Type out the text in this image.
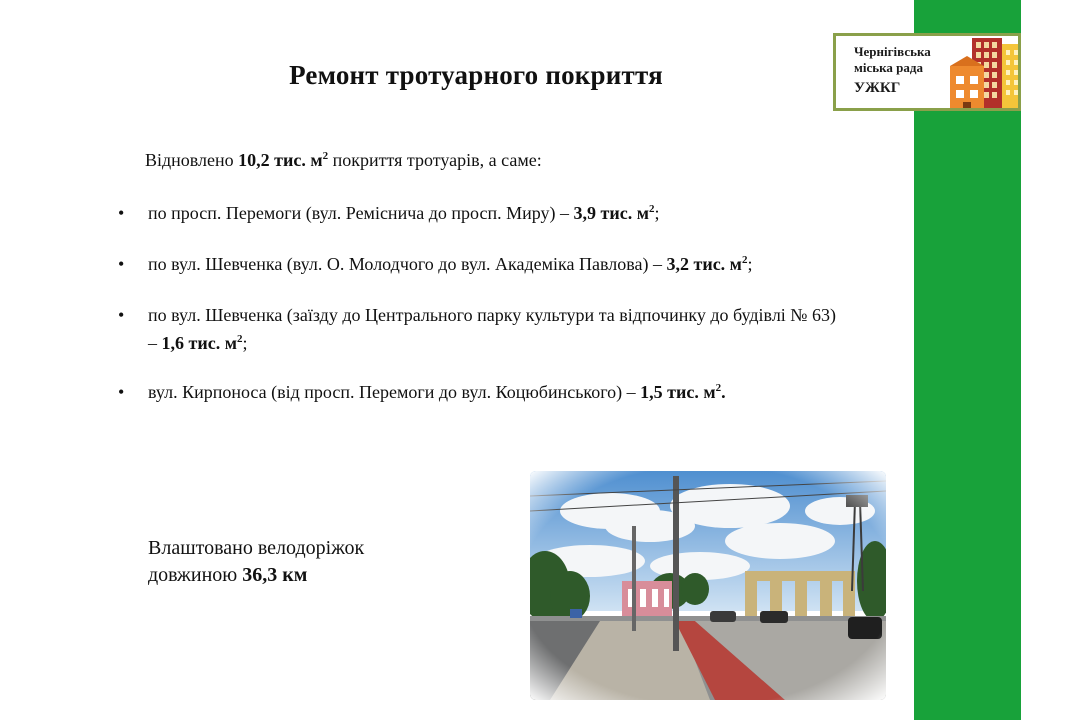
Чернігівська
міська рада
УЖКГ
Ремонт тротуарного покриття
Відновлено 10,2 тис. $м^2$ покриття тротуарів, а саме:
•	по просп. Перемоги (вул. Реміснича до просп. Миру) – 3,9 тис. $м^2$;
•	по вул. Шевченка (вул. О. Молодчого до вул. Академіка Павлова) – 3,2 тис. $м^2$;
•	по вул. Шевченка (заїзду до Центрального парку культури та відпочинку до будівлі № 63) – 1,6 тис. $м^2$;
•	вул. Кирпоноса (від просп. Перемоги до вул. Коцюбинського) – 1,5 тис. $м^2$.
Влаштовано велодоріжок
довжиною 36,3 км
